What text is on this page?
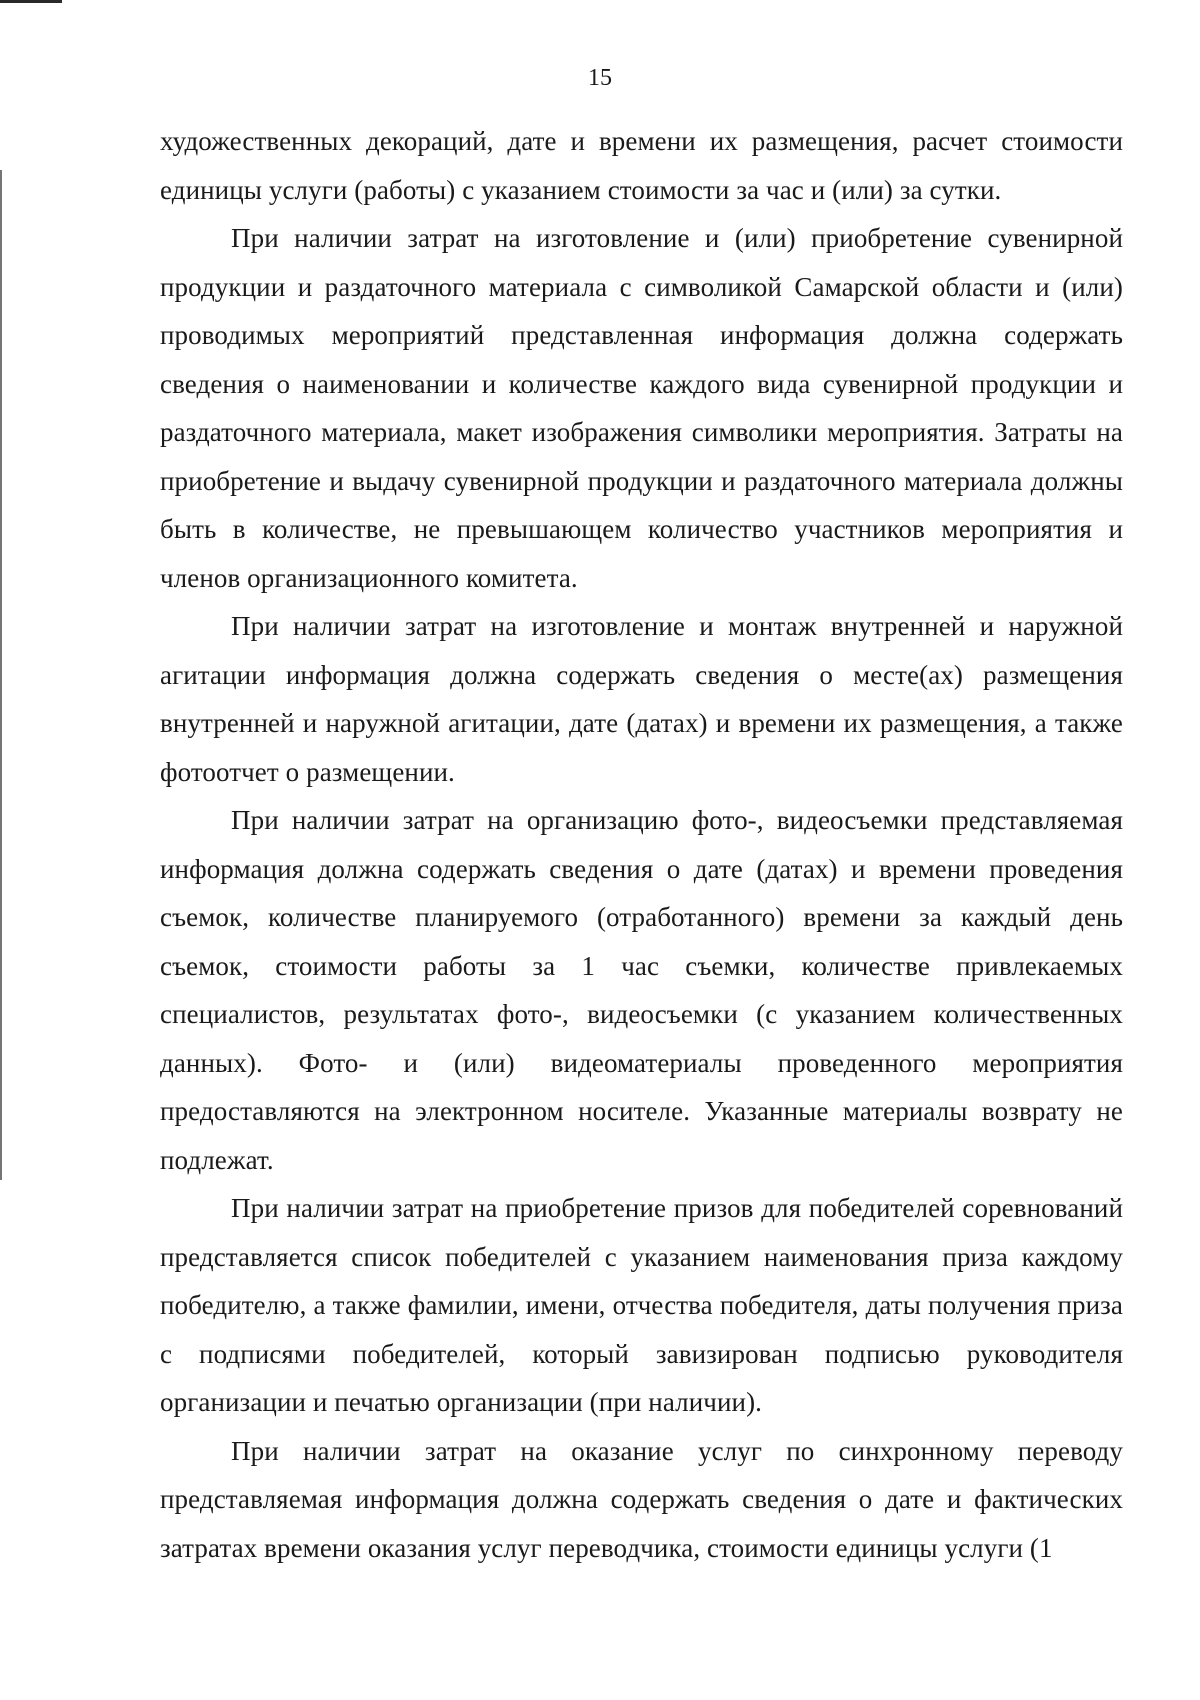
15

художественных декораций, дате и времени их размещения, расчет стоимости единицы услуги (работы) с указанием стоимости за час и (или) за сутки.

При наличии затрат на изготовление и (или) приобретение сувенирной продукции и раздаточного материала с символикой Самарской области и (или) проводимых мероприятий представленная информация должна содержать сведения о наименовании и количестве каждого вида сувенирной продукции и раздаточного материала, макет изображения символики мероприятия. Затраты на приобретение и выдачу сувенирной продукции и раздаточного материала должны быть в количестве, не превышающем количество участников мероприятия и членов организационного комитета.

При наличии затрат на изготовление и монтаж внутренней и наружной агитации информация должна содержать сведения о месте(ах) размещения внутренней и наружной агитации, дате (датах) и времени их размещения, а также фотоотчет о размещении.

При наличии затрат на организацию фото-, видеосъемки представляемая информация должна содержать сведения о дате (датах) и времени проведения съемок, количестве планируемого (отработанного) времени за каждый день съемок, стоимости работы за 1 час съемки, количестве привлекаемых специалистов, результатах фото-, видеосъемки (с указанием количественных данных). Фото- и (или) видеоматериалы проведенного мероприятия предоставляются на электронном носителе. Указанные материалы возврату не подлежат.

При наличии затрат на приобретение призов для победителей соревнований представляется список победителей с указанием наименования приза каждому победителю, а также фамилии, имени, отчества победителя, даты получения приза с подписями победителей, который завизирован подписью руководителя организации и печатью организации (при наличии).

При наличии затрат на оказание услуг по синхронному переводу представляемая информация должна содержать сведения о дате и фактических затратах времени оказания услуг переводчика, стоимости единицы услуги (1
